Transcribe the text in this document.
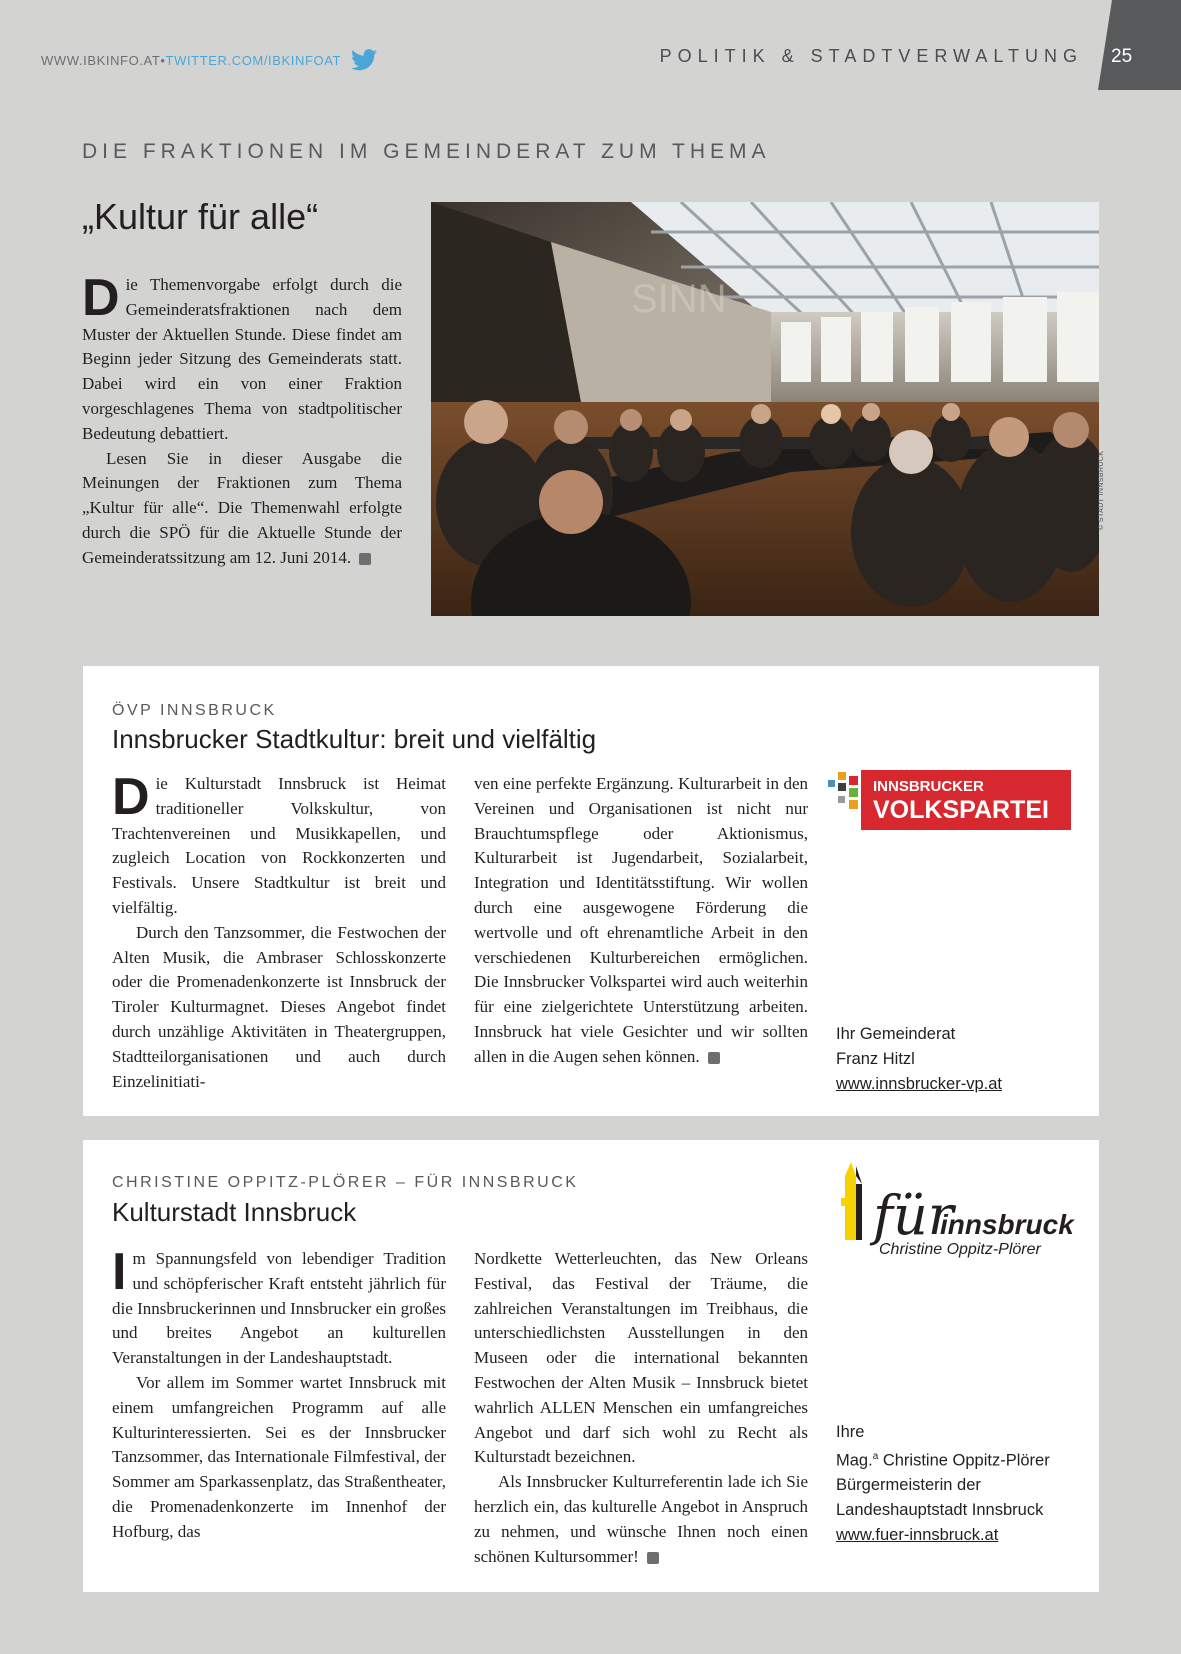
WWW.IBKINFO.AT • TWITTER.COM/IBKINFOAT	POLITIK & STADTVERWALTUNG 25
DIE FRAKTIONEN IM GEMEINDERAT ZUM THEMA
„Kultur für alle“

Die Themenvorgabe erfolgt durch die Gemeinderatsfraktionen nach dem Muster der Aktuellen Stunde. Diese findet am Beginn jeder Sitzung des Gemeinderats statt. Dabei wird ein von einer Fraktion vorgeschlagenes Thema von stadtpolitischer Bedeutung debattiert.

Lesen Sie in dieser Ausgabe die Meinungen der Fraktionen zum Thema „Kultur für alle“. Die Themenwahl erfolgte durch die SPÖ für die Aktuelle Stunde der Gemeinderatssitzung am 12. Juni 2014.

SINN
© STADT INNSBRUCK
ÖVP INNSBRUCK
Innsbrucker Stadtkultur: breit und vielfältig

Die Kulturstadt Innsbruck ist Heimat traditioneller Volkskultur, von Trachtenvereinen und Musikkapellen, und zugleich Location von Rockkonzerten und Festivals. Unsere Stadtkultur ist breit und vielfältig.

Durch den Tanzsommer, die Festwochen der Alten Musik, die Ambraser Schlosskonzerte oder die Promenadenkonzerte ist Innsbruck der Tiroler Kulturmagnet. Dieses Angebot findet durch unzählige Aktivitäten in Theatergruppen, Stadtteilorganisationen und auch durch Einzelinitiati-

ven eine perfekte Ergänzung. Kulturarbeit in den Vereinen und Organisationen ist nicht nur Brauchtumspflege oder Aktionismus, Kulturarbeit ist Jugendarbeit, Sozialarbeit, Integration und Identitätsstiftung. Wir wollen durch eine ausgewogene Förderung die wertvolle und oft ehrenamtliche Arbeit in den verschiedenen Kulturbereichen ermöglichen. Die Innsbrucker Volkspartei wird auch weiterhin für eine zielgerichtete Unterstützung arbeiten. Innsbruck hat viele Gesichter und wir sollten allen in die Augen sehen können.

INNSBRUCKER
VOLKSPARTEI
Ihr Gemeinderat
Franz Hitzl
www.innsbrucker-vp.at
CHRISTINE OPPITZ-PLÖRER – FÜR INNSBRUCK
Kulturstadt Innsbruck

Im Spannungsfeld von lebendiger Tradition und schöpferischer Kraft entsteht jährlich für die Innsbruckerinnen und Innsbrucker ein großes und breites Angebot an kulturellen Veranstaltungen in der Landeshauptstadt.

Vor allem im Sommer wartet Innsbruck mit einem umfangreichen Programm auf alle Kulturinteressierten. Sei es der Innsbrucker Tanzsommer, das Internationale Filmfestival, der Sommer am Sparkassenplatz, das Straßentheater, die Promenadenkonzerte im Innenhof der Hofburg, das

Nordkette Wetterleuchten, das New Orleans Festival, das Festival der Träume, die zahlreichen Veranstaltungen im Treibhaus, die unterschiedlichsten Ausstellungen in den Museen oder die international bekannten Festwochen der Alten Musik – Innsbruck bietet wahrlich ALLEN Menschen ein umfangreiches Angebot und darf sich wohl zu Recht als Kulturstadt bezeichnen.

Als Innsbrucker Kulturreferentin lade ich Sie herzlich ein, das kulturelle Angebot in Anspruch zu nehmen, und wünsche Ihnen noch einen schönen Kultursommer!

für
innsbruck
Christine Oppitz-Plörer
Ihre
Mag.$^a$ Christine Oppitz-Plörer
Bürgermeisterin der
Landeshauptstadt Innsbruck
www.fuer-innsbruck.at
